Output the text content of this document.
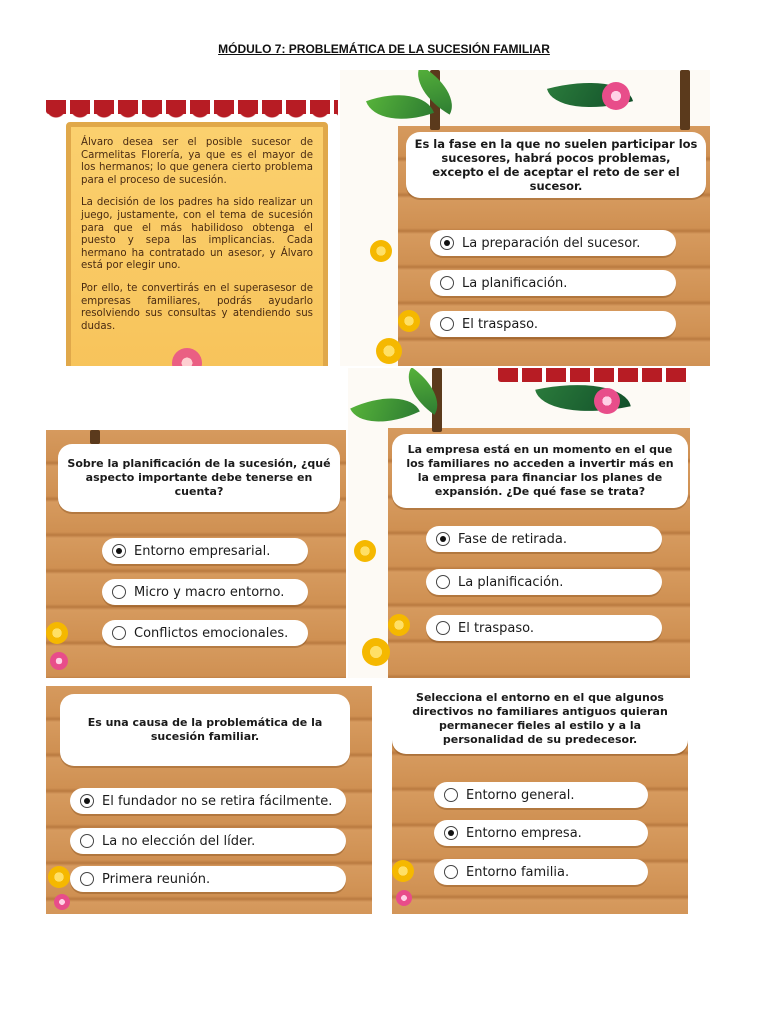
MÓDULO 7: PROBLEMÁTICA DE LA SUCESIÓN FAMILIAR

Álvaro desea ser el posible sucesor de Carmelitas Florería, ya que es el mayor de los hermanos; lo que genera cierto problema para el proceso de sucesión.

La decisión de los padres ha sido realizar un juego, justamente, con el tema de sucesión para que el más habilidoso obtenga el puesto y sepa las implicancias. Cada hermano ha contratado un asesor, y Álvaro está por elegir uno.

Por ello, te convertirás en el superasesor de empresas familiares, podrás ayudarlo resolviendo sus consultas y atendiendo sus dudas.

Es la fase en la que no suelen participar los sucesores, habrá pocos problemas, excepto el de aceptar el reto de ser el sucesor.
La preparación del sucesor.
La planificación.
El traspaso.
Sobre la planificación de la sucesión, ¿qué aspecto importante debe tenerse en cuenta?
Entorno empresarial.
Micro y macro entorno.
Conflictos emocionales.
La empresa está en un momento en el que los familiares no acceden a invertir más en la empresa para financiar los planes de expansión. ¿De qué fase se trata?
Fase de retirada.
La planificación.
El traspaso.
Es una causa de la problemática de la sucesión familiar.
El fundador no se retira fácilmente.
La no elección del líder.
Primera reunión.
Selecciona el entorno en el que algunos directivos no familiares antiguos quieran permanecer fieles al estilo y a la personalidad de su predecesor.
Entorno general.
Entorno empresa.
Entorno familia.
